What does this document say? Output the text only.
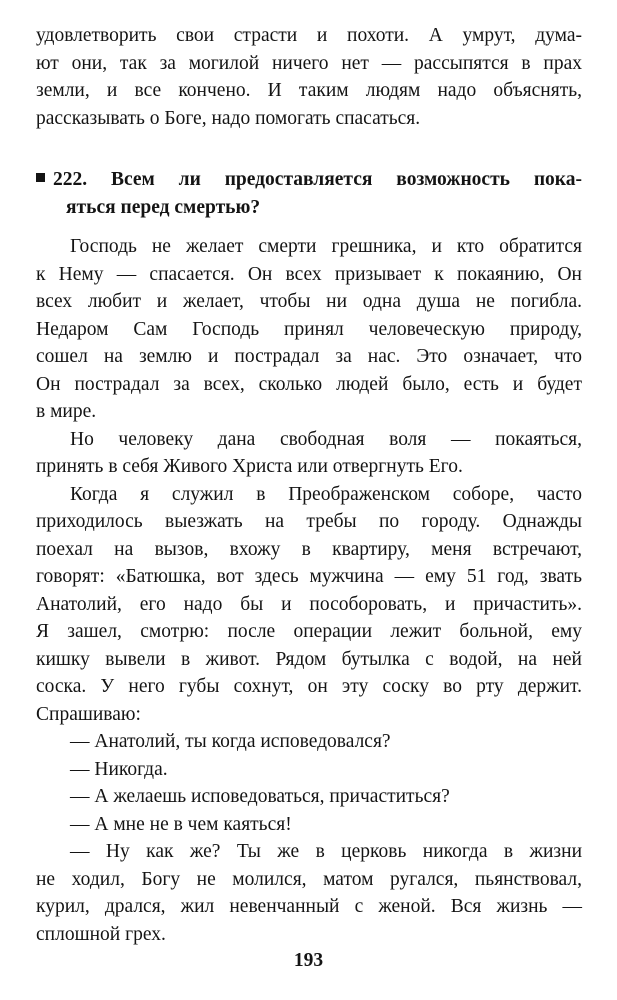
удовлетворить свои страсти и похоти. А умрут, дума-
ют они, так за могилой ничего нет — рассыпятся в прах
земли, и все кончено. И таким людям надо объяснять,
рассказывать о Боге, надо помогать спасаться.
222. Всем ли предоставляется возможность пока-
яться перед смертью?
Господь не желает смерти грешника, и кто обратится
к Нему — спасается. Он всех призывает к покаянию, Он
всех любит и желает, чтобы ни одна душа не погибла.
Недаром Сам Господь принял человеческую природу,
сошел на землю и пострадал за нас. Это означает, что
Он пострадал за всех, сколько людей было, есть и будет
в мире.
Но человеку дана свободная воля — покаяться,
принять в себя Живого Христа или отвергнуть Его.
Когда я служил в Преображенском соборе, часто
приходилось выезжать на требы по городу. Однажды
поехал на вызов, вхожу в квартиру, меня встречают,
говорят: «Батюшка, вот здесь мужчина — ему 51 год, звать
Анатолий, его надо бы и пособоровать, и причастить».
Я зашел, смотрю: после операции лежит больной, ему
кишку вывели в живот. Рядом бутылка с водой, на ней
соска. У него губы сохнут, он эту соску во рту держит.
Спрашиваю:
— Анатолий, ты когда исповедовался?
— Никогда.
— А желаешь исповедоваться, причаститься?
— А мне не в чем каяться!
— Ну как же? Ты же в церковь никогда в жизни
не ходил, Богу не молился, матом ругался, пьянствовал,
курил, дрался, жил невенчанный с женой. Вся жизнь —
сплошной грех.
193
